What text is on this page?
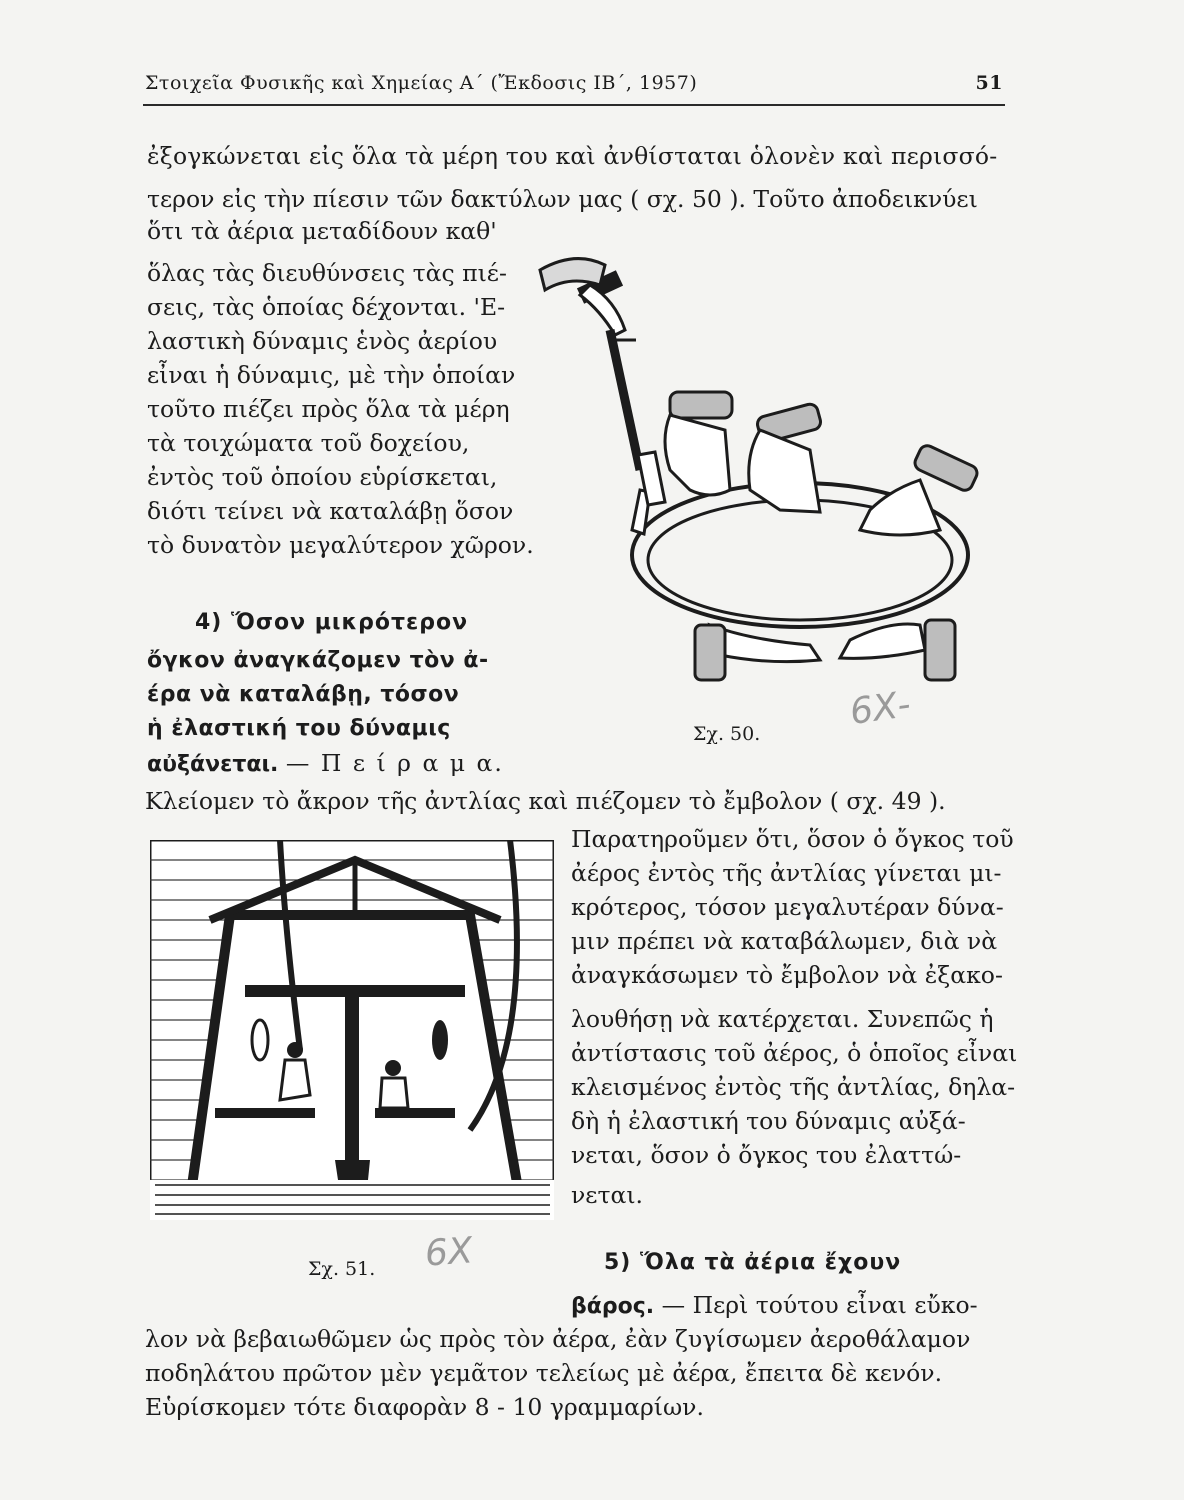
Στοιχεῖα Φυσικῆς καὶ Χημείας Α΄ (Ἔκδοσις ΙΒ΄, 1957)	51
ἐξογκώνεται εἰς ὅλα τὰ μέρη του καὶ ἀνθίσταται ὁλονὲν καὶ περισσό-
τερον εἰς τὴν πίεσιν τῶν δακτύλων μας ( σχ. 50 ). Τοῦτο ἀποδεικνύει
ὅτι τὰ ἀέρια μεταδίδουν καθ'
ὅλας τὰς διευθύνσεις τὰς πιέ-
σεις, τὰς ὁποίας δέχονται. 'Ε-
λαστικὴ δύναμις ἑνὸς ἀερίου
εἶναι ἡ δύναμις, μὲ τὴν ὁποίαν
τοῦτο πιέζει πρὸς ὅλα τὰ μέρη
τὰ τοιχώματα τοῦ δοχείου,
ἐντὸς τοῦ ὁποίου εὑρίσκεται,
διότι τείνει νὰ καταλάβῃ ὅσον
τὸ δυνατὸν μεγαλύτερον χῶρον.
Σχ. 50.
4) Ὅσον μικρότερον
ὄγκον ἀναγκάζομεν τὸν ἀ-
έρα νὰ καταλάβῃ, τόσον
ἡ ἐλαστική του δύναμις
αὐξάνεται. — Π ε ί ρ α μ α.
Κλείομεν τὸ ἄκρον τῆς ἀντλίας καὶ πιέζομεν τὸ ἔμβολον ( σχ. 49 ).
Σχ. 51.
Παρατηροῦμεν ὅτι, ὅσον ὁ ὄγκος τοῦ
ἀέρος ἐντὸς τῆς ἀντλίας γίνεται μι-
κρότερος, τόσον μεγαλυτέραν δύνα-
μιν πρέπει νὰ καταβάλωμεν, διὰ νὰ
ἀναγκάσωμεν τὸ ἔμβολον νὰ ἐξακο-
λουθήσῃ νὰ κατέρχεται. Συνεπῶς ἡ
ἀντίστασις τοῦ ἀέρος, ὁ ὁποῖος εἶναι
κλεισμένος ἐντὸς τῆς ἀντλίας, δηλα-
δὴ ἡ ἐλαστική του δύναμις αὐξά-
νεται, ὅσον ὁ ὄγκος του ἐλαττώ-
νεται.
5) Ὅλα τὰ ἀέρια ἔχουν
βάρος. — Περὶ τούτου εἶναι εὔκο-
λον νὰ βεβαιωθῶμεν ὡς πρὸς τὸν ἀέρα, ἐὰν ζυγίσωμεν ἀεροθάλαμον
ποδηλάτου πρῶτον μὲν γεμᾶτον τελείως μὲ ἀέρα, ἔπειτα δὲ κενόν.
Εὑρίσκομεν τότε διαφορὰν 8 - 10 γραμμαρίων.
6Χ-
6Χ
